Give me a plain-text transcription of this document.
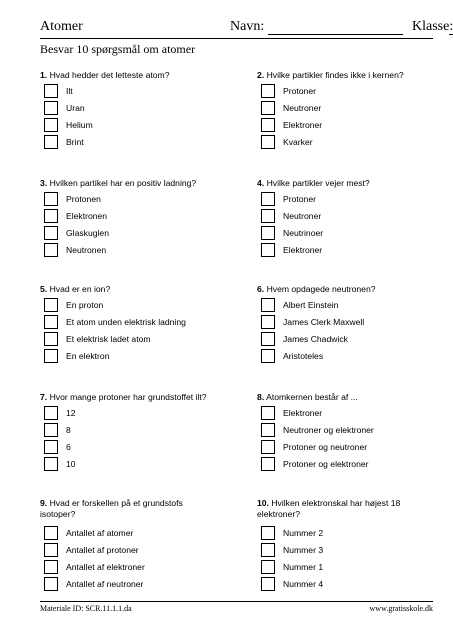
Atomer	Navn:	Klasse:
Besvar 10 spørgsmål om atomer
1. Hvad hedder det letteste atom?
Ilt
Uran
Helium
Brint
2. Hvilke partikler findes ikke i kernen?
Protoner
Neutroner
Elektroner
Kvarker
3. Hvilken partikel har en positiv ladning?
Protonen
Elektronen
Glaskuglen
Neutronen
4. Hvilke partikler vejer mest?
Protoner
Neutroner
Neutrinoer
Elektroner
5. Hvad er en ion?
En proton
Et atom unden elektrisk ladning
Et elektrisk ladet atom
En elektron
6. Hvem opdagede neutronen?
Albert Einstein
James Clerk Maxwell
James Chadwick
Aristoteles
7. Hvor mange protoner har grundstoffet ilt?
12
8
6
10
8. Atomkernen består af ...
Elektroner
Neutroner og elektroner
Protoner og neutroner
Protoner og elektroner
9. Hvad er forskellen på et grundstofs isotoper?
Antallet af atomer
Antallet af protoner
Antallet af elektroner
Antallet af neutroner
10. Hvilken elektronskal har højest 18 elektroner?
Nummer 2
Nummer 3
Nummer 1
Nummer 4
Materiale ID: SCR.11.1.1.da	www.gratisskole.dk
